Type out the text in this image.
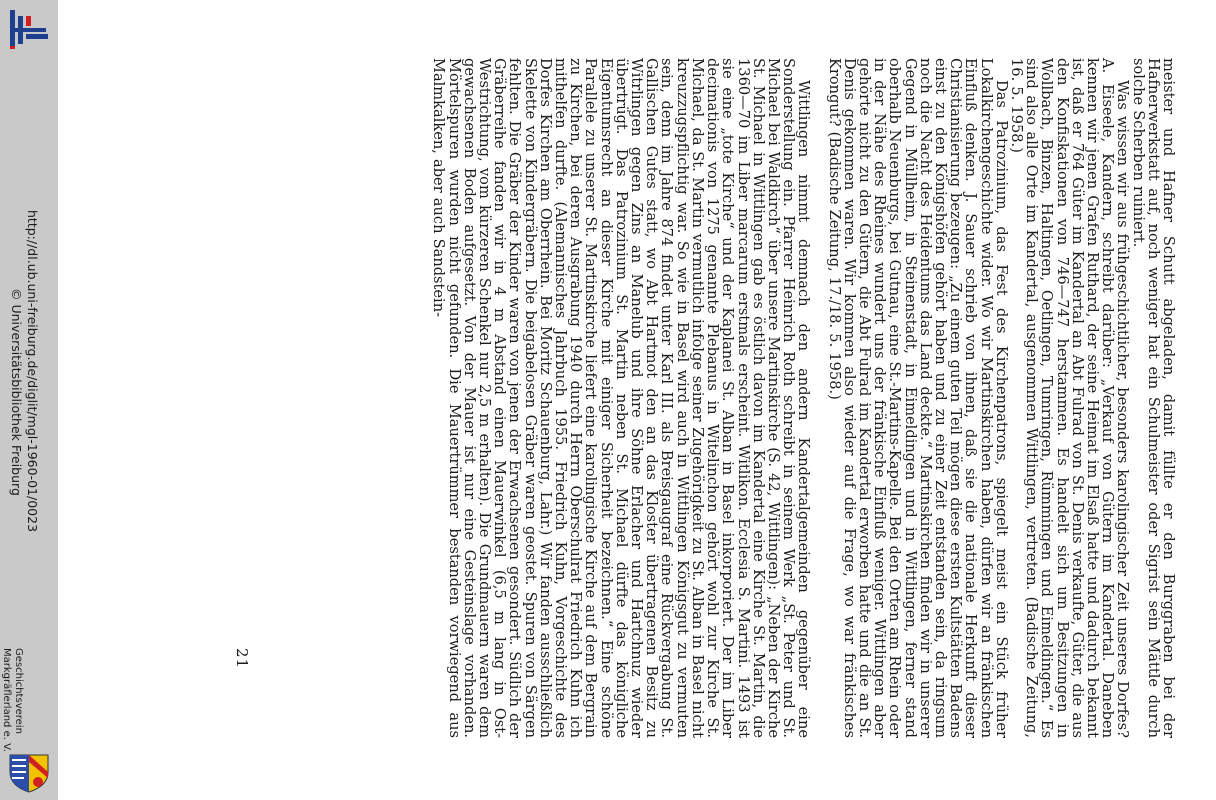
http://dl.ub.uni-freiburg.de/diglit/mgl-1960-01/0023
© Universitätsbibliothek Freiburg
Geschichtsverein
Markgräflerland e. V.	meister und Hafner Schutt abgeladen, damit füllte er den Burggraben bei der Hafnerwerkstatt auf, noch weniger hat ein Schulmeister oder Sigrist sein Mättle durch solche Scherben ruiniert.

Was wissen wir aus frühgeschichtlicher, besonders karolingischer Zeit unseres Dorfes? A. Eiseele, Kandern, schreibt darüber: „Verkauf von Gütern im Kandertal. Daneben kennen wir jenen Grafen Ruthard, der seine Heimat im Elsaß hatte und dadurch bekannt ist, daß er 764 Güter im Kandertal an Abt Fulrad von St. Denis verkaufte, Güter, die aus den Konfiskationen von 746—747 herstammen. Es handelt sich um Besitzungen in Wollbach, Binzen, Haltingen, Oetlingen, Tumringen, Rümmingen und Eimeldingen.“ Es sind also alle Orte im Kandertal, ausgenommen Wittlingen, vertreten. (Badische Zeitung, 16. 5. 1958.)

Das Patrozinium, das Fest des Kirchenpatrons, spiegelt meist ein Stück früher Lokalkirchengeschichte wider. Wo wir Martinskirchen haben, dürfen wir an fränkischen Einfluß denken. J. Sauer schrieb von ihnen, daß sie die nationale Herkunft dieser Christianisierung bezeugen: „Zu einem guten Teil mögen diese ersten Kultstätten Badens einst zu den Königshöfen gehört haben und zu einer Zeit entstanden sein, da ringsum noch die Nacht des Heidentums das Land deckte.“ Martinskirchen finden wir in unserer Gegend in Müllheim, in Steinenstadt, in Eimeldingen und in Wittlingen, ferner stand oberhalb Neuenburgs, bei Gutnau, eine St.-Martins-Kapelle. Bei den Orten am Rhein oder in der Nähe des Rheines wundert uns der fränkische Einfluß weniger. Wittlingen aber gehörte nicht zu den Gütern, die Abt Fulrad im Kandertal erworben hatte und die an St. Denis gekommen waren. Wir kommen also wieder auf die Frage, wo war fränkisches Krongut? (Badische Zeitung, 17./18. 5. 1958.)

Wittlingen nimmt demnach den andern Kandertalgemeinden gegenüber eine Sonderstellung ein. Pfarrer Heinrich Roth schreibt in seinem Werk „St. Peter und St. Michael bei Waldkirch“ über unsere Martinskirche (S. 42, Wittlingen): „Neben der Kirche St. Michael in Wittlingen gab es östlich davon im Kandertal eine Kirche St. Martin, die 1360—70 im Liber marcarum erstmals erscheint. Witlikon. Ecclesia S. Martini. 1493 ist sie eine „tote Kirche“ und der Kaplanei St. Alban in Basel inkorporiert. Der im Liber decimationis von 1275 genannte Plebanus in Witelinchon gehört wohl zur Kirche St. Michael, da St. Martin vermutlich infolge seiner Zugehörigkeit zu St. Alban in Basel nicht kreuzzugspflichtig war. So wie in Basel wird auch in Wittlingen Königsgut zu vermuten sein, denn im Jahre 874 findet unter Karl III. als Breisgaugraf eine Rückvergabung St. Gallischen Gutes statt, wo Abt Hartmot den an das Kloster übertragenen Besitz zu Witrlingen gegen Zins an Manelub und ihre Söhne Erlacher und Hartchnuz wieder übertrügt. Das Patrozinium St. Martin neben St. Michael dürfte das königliche Eigentumsrecht an dieser Kirche mit einiger Sicherheit bezeichnen.“ Eine schöne Parallele zu unserer St. Martinskirche liefert eine karolingische Kirche auf dem Bergrain zu Kirchen, bei deren Ausgrabung 1940 durch Herrn Oberschulrat Friedrich Kuhn ich mithelfen durfte. (Alemannisches Jahrbuch 1955. Friedrich Kuhn, Vorgeschichte des Dorfes Kirchen am Oberrhein. Bei Moritz Schauenburg, Lahr.) Wir fanden ausschließlich Skelette von Kindergräbern. Die beigabelosen Gräber waren geostet. Spuren von Särgen fehlten. Die Gräber der Kinder waren von jenen der Erwachsenen gesondert. Südlich der Gräberreihe fanden wir in 4 m Abstand einen Mauerwinkel (6,5 m lang in Ost-Westrichtung, vom kürzeren Schenkel nur 2,5 m erhalten). Die Grundmauern waren dem gewachsenen Boden aufgesetzt. Von der Mauer ist nur eine Gesteinslage vorhanden. Mörtelspuren wurden nicht gefunden. Die Mauertrümmer bestanden vorwiegend aus Malmkalken, aber auch Sandstein-

21
